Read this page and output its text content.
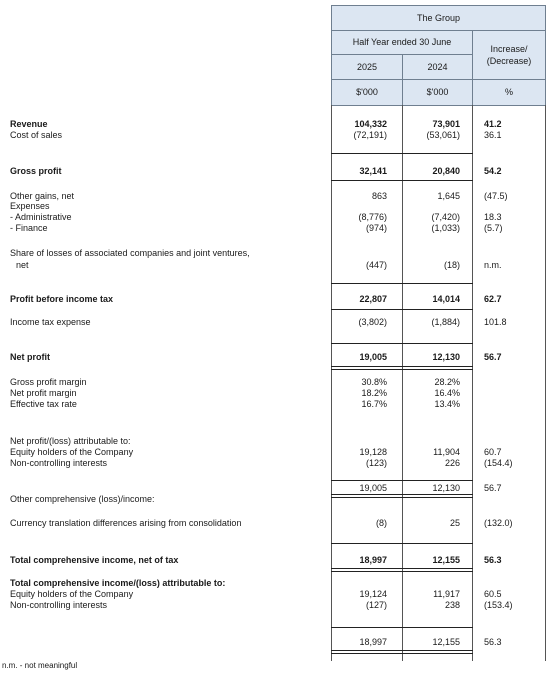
The Group
Half Year ended 30 June
Increase/
(Decrease)
2025	2024
$'000	$'000	%
Revenue	104,332	73,901	41.2
Cost of sales	(72,191)	(53,061)	36.1
Gross profit	32,141	20,840	54.2
Other gains, net	863	1,645	(47.5)
Expenses
- Administrative	(8,776)	(7,420)	18.3
- Finance	(974)	(1,033)	(5.7)
Share of losses of associated companies and joint ventures,
net	(447)	(18)	n.m.
Profit before income tax	22,807	14,014	62.7
Income tax expense	(3,802)	(1,884)	101.8
Net profit	19,005	12,130	56.7
Gross profit margin	30.8%	28.2%
Net profit margin	18.2%	16.4%
Effective tax rate	16.7%	13.4%
Net profit/(loss) attributable to:
Equity holders of the Company	19,128	11,904	60.7
Non-controlling interests	(123)	226	(154.4)
19,005	12,130	56.7
Other comprehensive (loss)/income:
Currency translation differences arising from consolidation	(8)	25	(132.0)
Total comprehensive income, net of tax	18,997	12,155	56.3
Total comprehensive income/(loss) attributable to:
Equity holders of the Company	19,124	11,917	60.5
Non-controlling interests	(127)	238	(153.4)
18,997	12,155	56.3
n.m. - not meaningful
